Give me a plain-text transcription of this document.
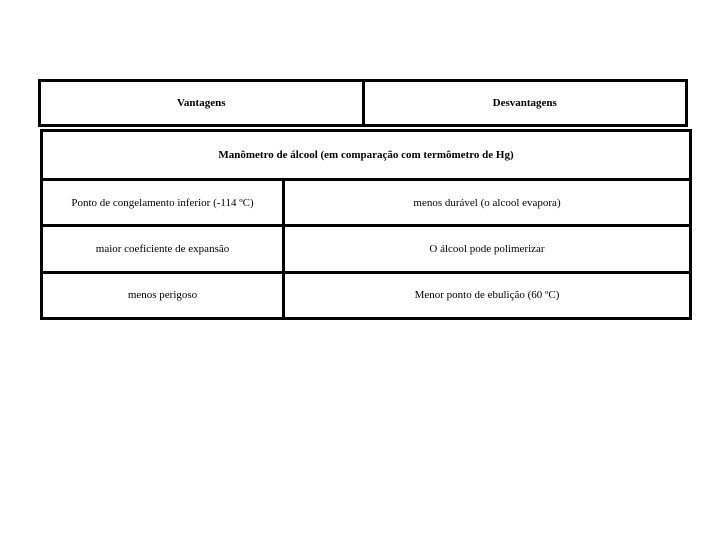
Vantagens	Desvantagens
Manômetro de álcool (em comparação com termômetro de Hg)
Ponto de congelamento inferior (-114 ºC)	menos durável (o alcool evapora)
maior coeficiente de expansão	O álcool pode polimerizar
menos perigoso	Menor ponto de ebulição (60 ºC)
